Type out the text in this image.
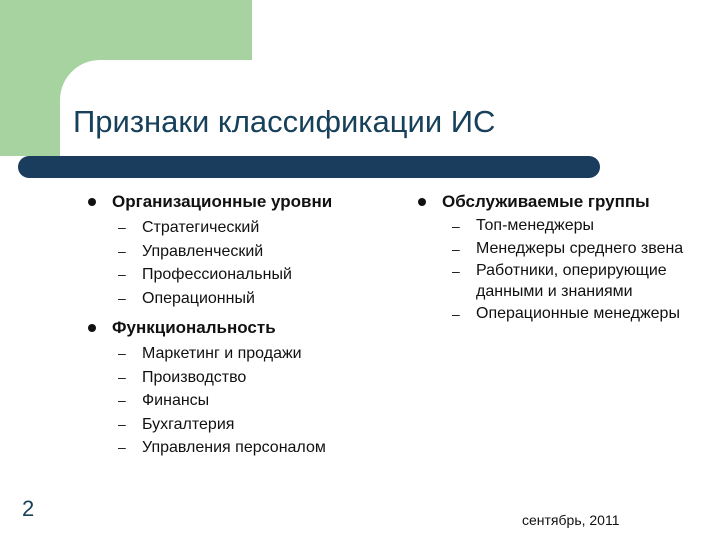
Признаки классификации ИС
Организационные уровни
– Стратегический
– Управленческий
– Профессиональный
– Операционный
Функциональность
– Маркетинг и продажи
– Производство
– Финансы
– Бухгалтерия
– Управления персоналом
Обслуживаемые группы
– Топ-менеджеры
– Менеджеры среднего звена
– Работники, оперирующие данными и знаниями
– Операционные менеджеры
2	сентябрь, 2011
